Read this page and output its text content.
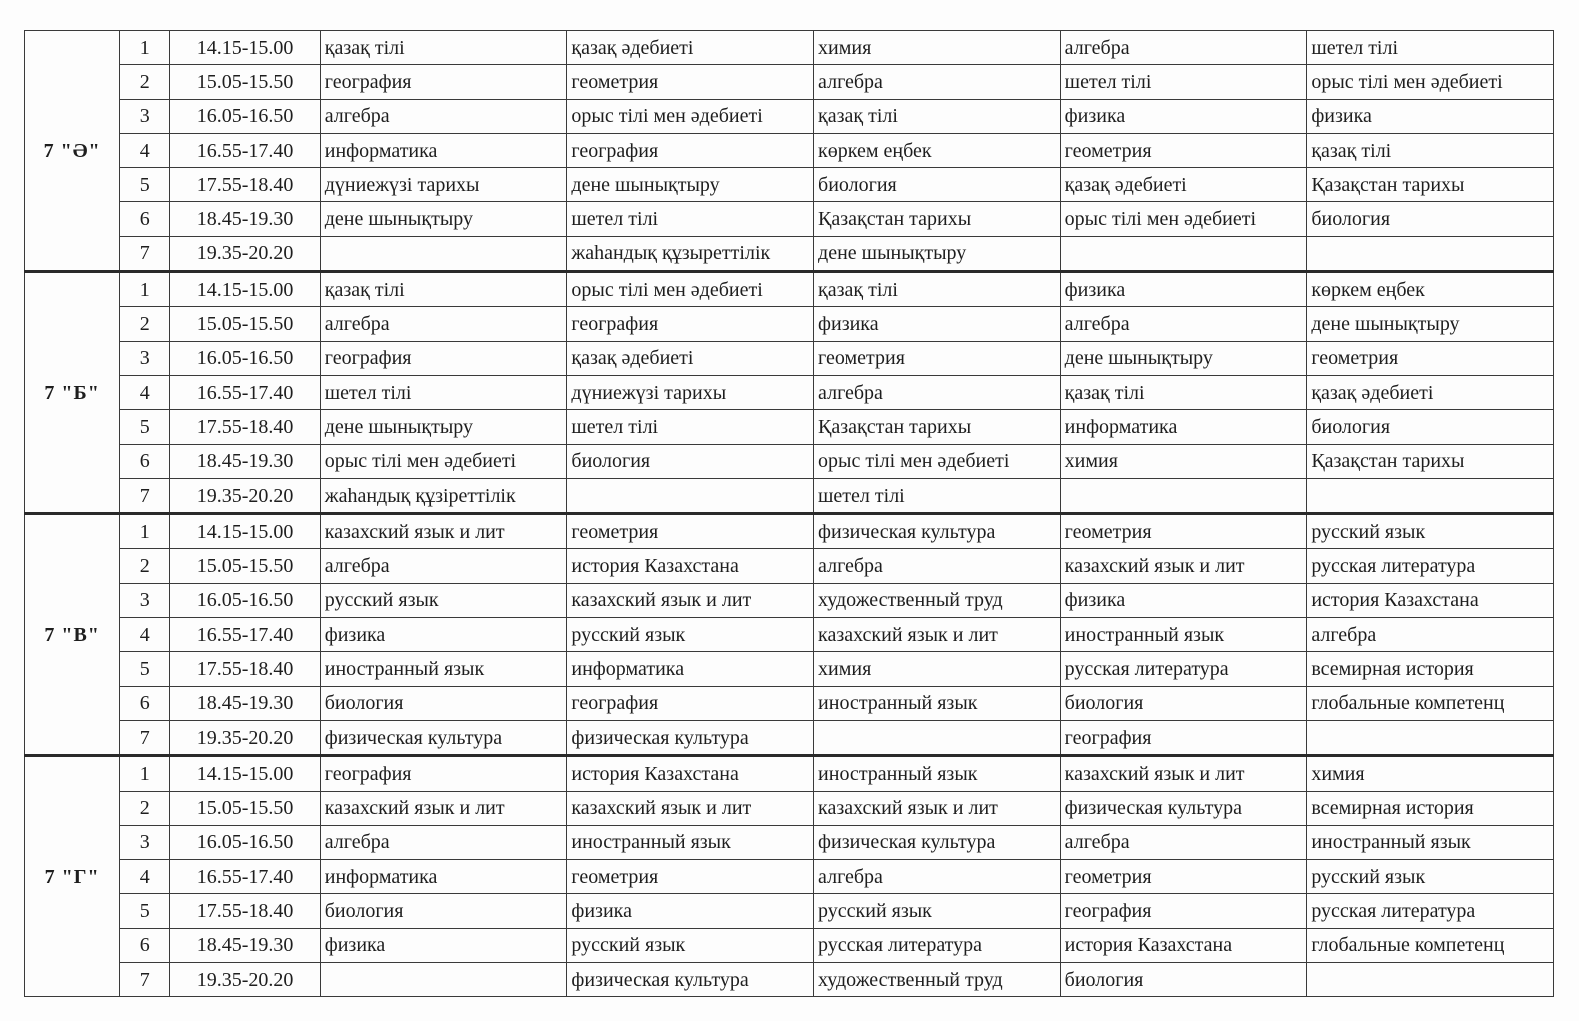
7 "Ә"	1	14.15-15.00	қазақ тілі	қазақ әдебиеті	химия	алгебра	шетел тілі
	2	15.05-15.50	география	геометрия	алгебра	шетел тілі	орыс тілі мен әдебиеті
	3	16.05-16.50	алгебра	орыс тілі мен әдебиеті	қазақ тілі	физика	физика
	4	16.55-17.40	информатика	география	көркем еңбек	геометрия	қазақ тілі
	5	17.55-18.40	дүниежүзі тарихы	дене шынықтыру	биология	қазақ әдебиеті	Қазақстан тарихы
	6	18.45-19.30	дене шынықтыру	шетел тілі	Қазақстан тарихы	орыс тілі мен әдебиеті	биология
	7	19.35-20.20		жаһандық құзыреттілік	дене шынықтыру		
7 "Б"	1	14.15-15.00	қазақ тілі	орыс тілі мен әдебиеті	қазақ тілі	физика	көркем еңбек
	2	15.05-15.50	алгебра	география	физика	алгебра	дене шынықтыру
	3	16.05-16.50	география	қазақ әдебиеті	геометрия	дене шынықтыру	геометрия
	4	16.55-17.40	шетел тілі	дүниежүзі тарихы	алгебра	қазақ тілі	қазақ әдебиеті
	5	17.55-18.40	дене шынықтыру	шетел тілі	Қазақстан тарихы	информатика	биология
	6	18.45-19.30	орыс тілі мен әдебиеті	биология	орыс тілі мен әдебиеті	химия	Қазақстан тарихы
	7	19.35-20.20	жаһандық құзіреттілік		шетел тілі		
7 "В"	1	14.15-15.00	казахский язык и лит	геометрия	физическая культура	геометрия	русский язык
	2	15.05-15.50	алгебра	история Казахстана	алгебра	казахский язык и лит	русская литература
	3	16.05-16.50	русский язык	казахский язык и лит	художественный труд	физика	история Казахстана
	4	16.55-17.40	физика	русский язык	казахский язык и лит	иностранный язык	алгебра
	5	17.55-18.40	иностранный язык	информатика	химия	русская литература	всемирная история
	6	18.45-19.30	биология	география	иностранный язык	биология	глобальные компетенц
	7	19.35-20.20	физическая культура	физическая культура		география	
7 "Г"	1	14.15-15.00	география	история Казахстана	иностранный язык	казахский язык и лит	химия
	2	15.05-15.50	казахский язык и лит	казахский язык и лит	казахский язык и лит	физическая культура	всемирная история
	3	16.05-16.50	алгебра	иностранный язык	физическая культура	алгебра	иностранный язык
	4	16.55-17.40	информатика	геометрия	алгебра	геометрия	русский язык
	5	17.55-18.40	биология	физика	русский язык	география	русская литература
	6	18.45-19.30	физика	русский язык	русская литература	история Казахстана	глобальные компетенц
	7	19.35-20.20		физическая культура	художественный труд	биология	
